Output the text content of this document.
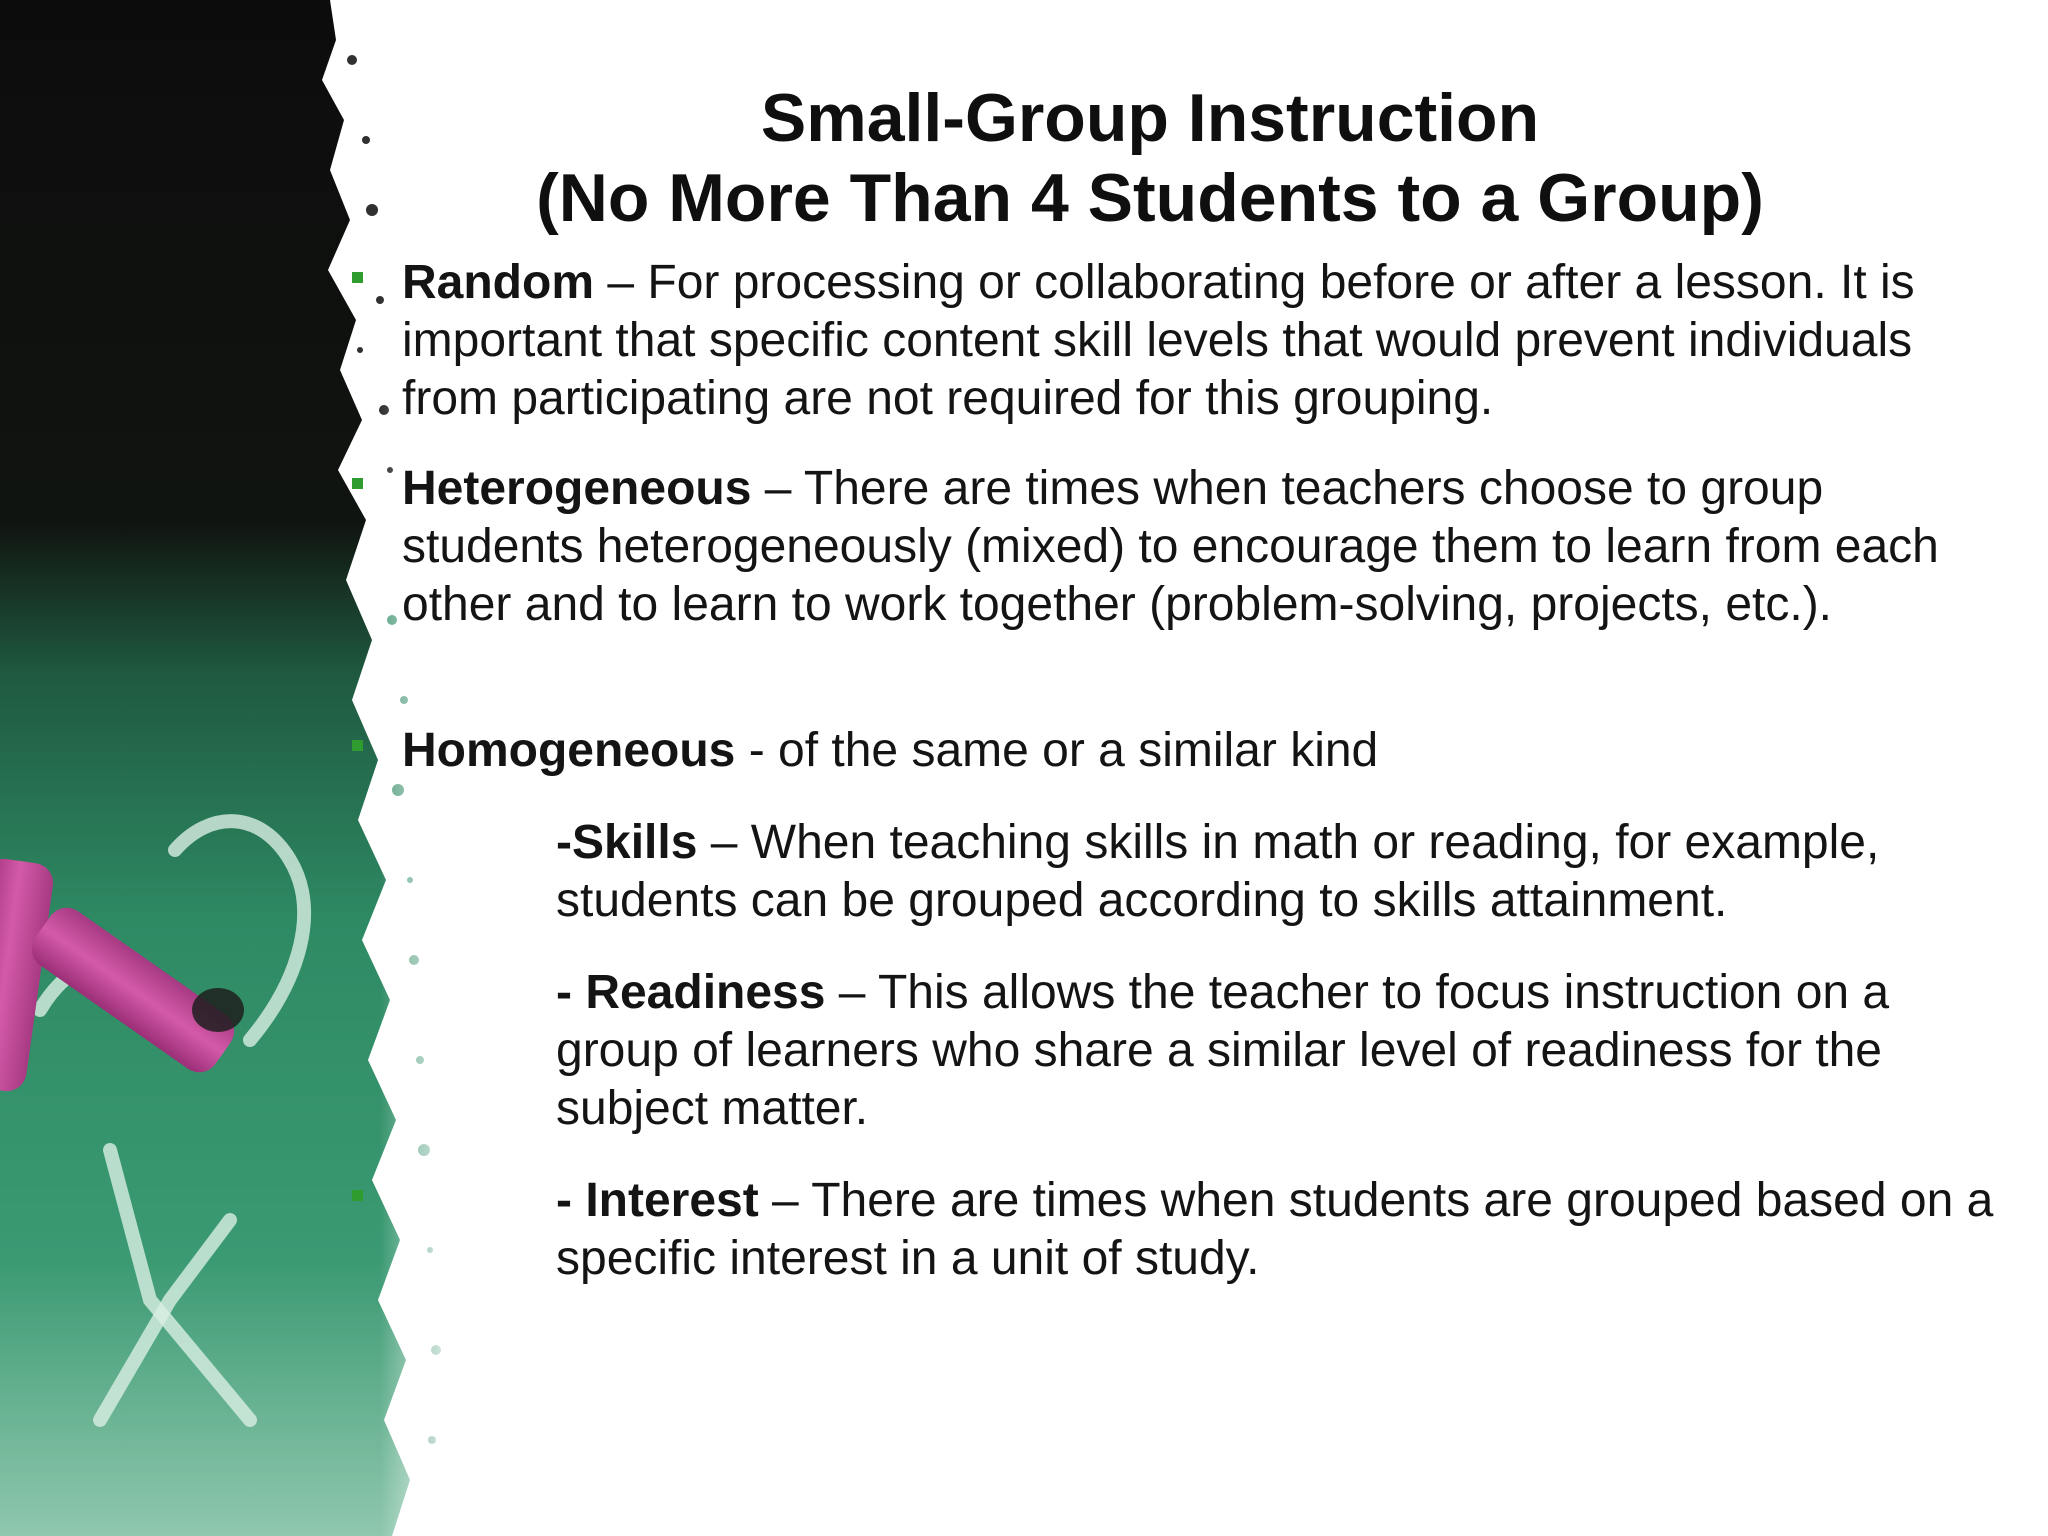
Small-Group Instruction
(No More Than 4 Students to a Group)
Random – For processing or collaborating before or after a lesson. It is important that specific content skill levels that would prevent individuals from participating are not required for this grouping.
Heterogeneous – There are times when teachers choose to group students heterogeneously (mixed) to encourage them to learn from each other and to learn to work together (problem-solving, projects, etc.).
Homogeneous - of the same or a similar kind
-Skills – When teaching skills in math or reading, for example, students can be grouped according to skills attainment.
- Readiness – This allows the teacher to focus instruction on a group of learners who share a similar level of readiness for the subject matter.
- Interest – There are times when students are grouped based on a specific interest in a unit of study.
